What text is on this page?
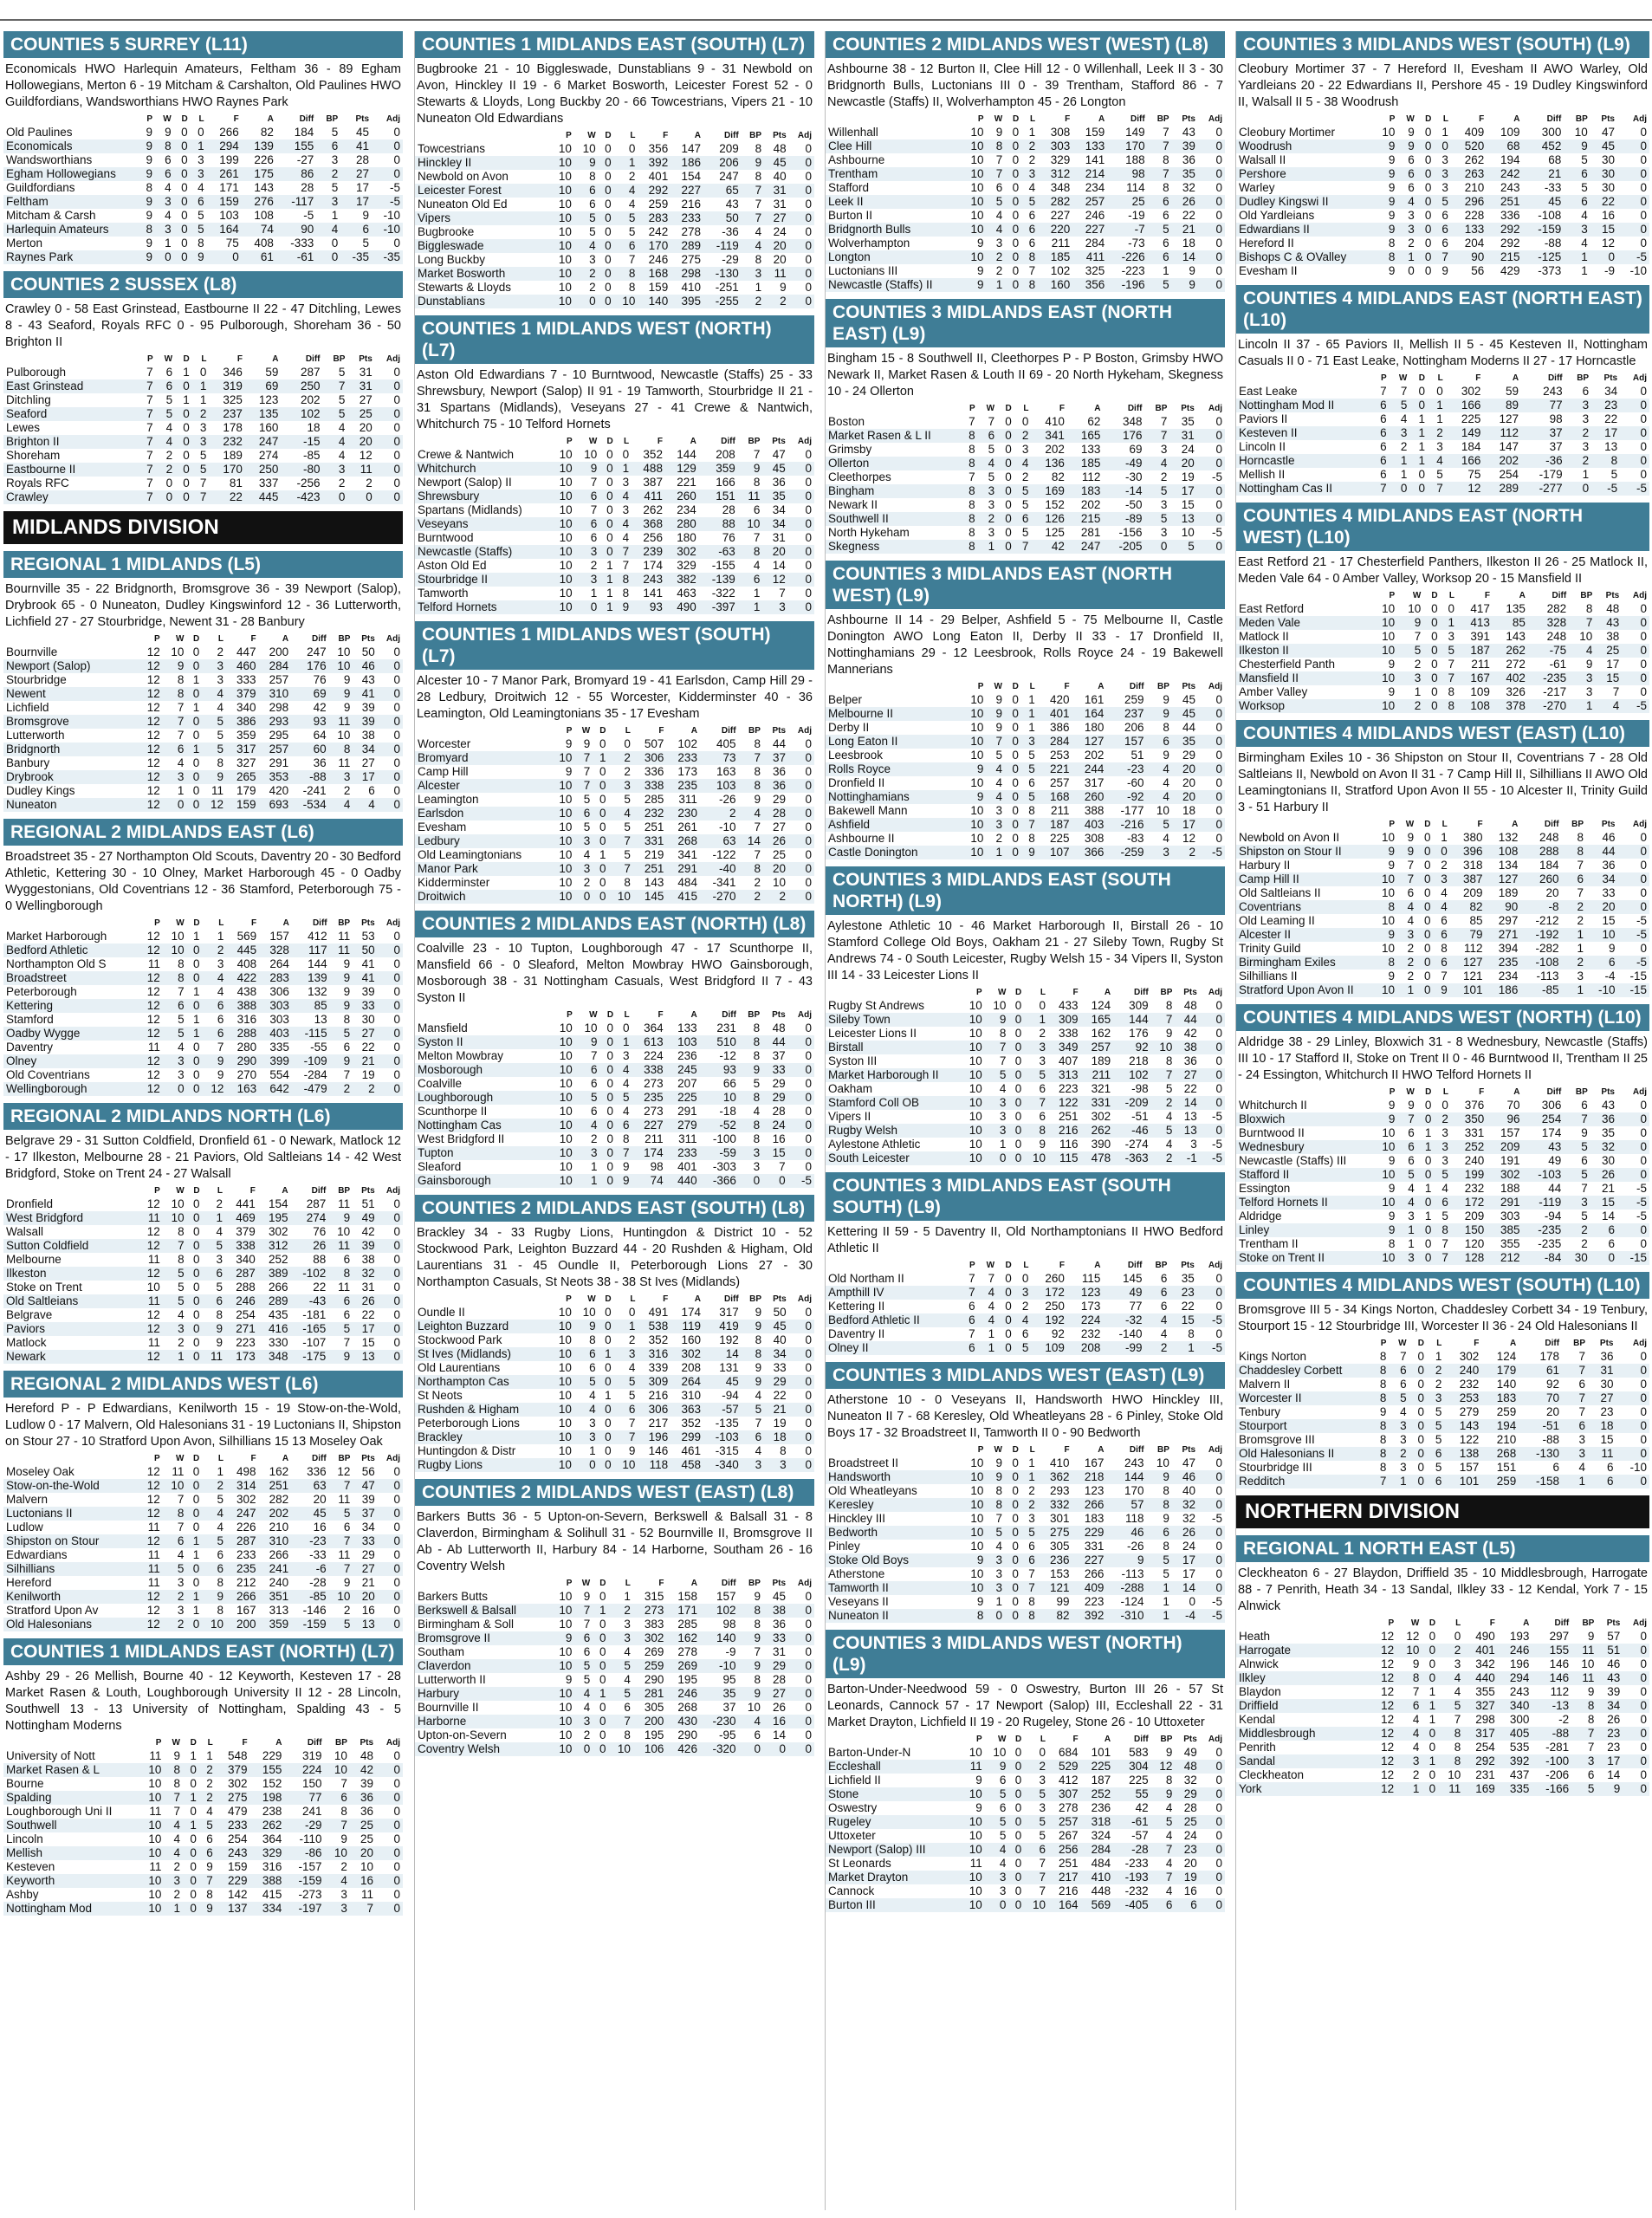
COUNTIES 5 SURREY (L11)
Economicals HWO Harlequin Amateurs, Feltham 36 - 89 Egham Hollowegians, Merton 6 - 19 Mitcham & Carshalton, Old Paulines HWO Guildfordians, Wandsworthians HWO Raynes Park
	P	W	D	L	F	A	Diff	BP	Pts	Adj
Old Paulines	9	9	0	0	266	82	184	5	45	0
Economicals	9	8	0	1	294	139	155	6	41	0
Wandsworthians	9	6	0	3	199	226	-27	3	28	0
Egham Hollowegians	9	6	0	3	261	175	86	2	27	0
Guildfordians	8	4	0	4	171	143	28	5	17	-5
Feltham	9	3	0	6	159	276	-117	3	17	-5
Mitcham & Carsh	9	4	0	5	103	108	-5	1	9	-10
Harlequin Amateurs	8	3	0	5	164	74	90	4	6	-10
Merton	9	1	0	8	75	408	-333	0	5	0
Raynes Park	9	0	0	9	0	61	-61	0	-35	-35
COUNTIES 2 SUSSEX (L8)
Crawley 0 - 58 East Grinstead, Eastbourne II 22 - 47 Ditchling, Lewes 8 - 43 Seaford, Royals RFC 0 - 95 Pulborough, Shoreham 36 - 50 Brighton II
	P	W	D	L	F	A	Diff	BP	Pts	Adj
Pulborough	7	6	1	0	346	59	287	5	31	0
East Grinstead	7	6	0	1	319	69	250	7	31	0
Ditchling	7	5	1	1	325	123	202	5	27	0
Seaford	7	5	0	2	237	135	102	5	25	0
Lewes	7	4	0	3	178	160	18	4	20	0
Brighton II	7	4	0	3	232	247	-15	4	20	0
Shoreham	7	2	0	5	189	274	-85	4	12	0
Eastbourne II	7	2	0	5	170	250	-80	3	11	0
Royals RFC	7	0	0	7	81	337	-256	2	2	0
Crawley	7	0	0	7	22	445	-423	0	0	0
MIDLANDS DIVISION
REGIONAL 1 MIDLANDS (L5)
Bournville 35 - 22 Bridgnorth, Bromsgrove 36 - 39 Newport (Salop), Drybrook 65 - 0 Nuneaton, Dudley Kingswinford 12 - 36 Lutterworth, Lichfield 27 - 27 Stourbridge, Newent 31 - 28 Banbury
	P	W	D	L	F	A	Diff	BP	Pts	Adj
Bournville	12	10	0	2	447	200	247	10	50	0
Newport (Salop)	12	9	0	3	460	284	176	10	46	0
Stourbridge	12	8	1	3	333	257	76	9	43	0
Newent	12	8	0	4	379	310	69	9	41	0
Lichfield	12	7	1	4	340	298	42	9	39	0
Bromsgrove	12	7	0	5	386	293	93	11	39	0
Lutterworth	12	7	0	5	359	295	64	10	38	0
Bridgnorth	12	6	1	5	317	257	60	8	34	0
Banbury	12	4	0	8	327	291	36	11	27	0
Drybrook	12	3	0	9	265	353	-88	3	17	0
Dudley Kings	12	1	0	11	179	420	-241	2	6	0
Nuneaton	12	0	0	12	159	693	-534	4	4	0
REGIONAL 2 MIDLANDS EAST (L6)
Broadstreet 35 - 27 Northampton Old Scouts, Daventry 20 - 30 Bedford Athletic, Kettering 30 - 10 Olney, Market Harborough 45 - 0 Oadby Wyggestonians, Old Coventrians 12 - 36 Stamford, Peterborough 75 - 0 Wellingborough
	P	W	D	L	F	A	Diff	BP	Pts	Adj
Market Harborough	12	10	1	1	569	157	412	11	53	0
Bedford Athletic	12	10	0	2	445	328	117	11	50	0
Northampton Old S	11	8	0	3	408	264	144	9	41	0
Broadstreet	12	8	0	4	422	283	139	9	41	0
Peterborough	12	7	1	4	438	306	132	9	39	0
Kettering	12	6	0	6	388	303	85	9	33	0
Stamford	12	5	1	6	316	303	13	8	30	0
Oadby Wygge	12	5	1	6	288	403	-115	5	27	0
Daventry	11	4	0	7	280	335	-55	6	22	0
Olney	12	3	0	9	290	399	-109	9	21	0
Old Coventrians	12	3	0	9	270	554	-284	7	19	0
Wellingborough	12	0	0	12	163	642	-479	2	2	0
REGIONAL 2 MIDLANDS NORTH (L6)
Belgrave 29 - 31 Sutton Coldfield, Dronfield 61 - 0 Newark, Matlock 12 - 17 Ilkeston, Melbourne 28 - 21 Paviors, Old Saltleians 14 - 42 West Bridgford, Stoke on Trent 24 - 27 Walsall
	P	W	D	L	F	A	Diff	BP	Pts	Adj
Dronfield	12	10	0	2	441	154	287	11	51	0
West Bridgford	11	10	0	1	469	195	274	9	49	0
Walsall	12	8	0	4	379	302	76	10	42	0
Sutton Coldfield	12	7	0	5	338	312	26	11	39	0
Melbourne	11	8	0	3	340	252	88	6	38	0
Ilkeston	12	5	0	6	287	389	-102	8	32	0
Stoke on Trent	10	5	0	5	288	266	22	11	31	0
Old Saltleians	11	5	0	6	246	289	-43	6	26	0
Belgrave	12	4	0	8	254	435	-181	6	22	0
Paviors	12	3	0	9	271	416	-165	5	17	0
Matlock	11	2	0	9	223	330	-107	7	15	0
Newark	12	1	0	11	173	348	-175	9	13	0
REGIONAL 2 MIDLANDS WEST (L6)
Hereford P - P Edwardians, Kenilworth 15 - 19 Stow-on-the-Wold, Ludlow 0 - 17 Malvern, Old Halesonians 31 - 19 Luctonians II, Shipston on Stour 27 - 10 Stratford Upon Avon, Silhillians 15 13 Moseley Oak
	P	W	D	L	F	A	Diff	BP	Pts	Adj
Moseley Oak	12	11	0	1	498	162	336	12	56	0
Stow-on-the-Wold	12	10	0	2	314	251	63	7	47	0
Malvern	12	7	0	5	302	282	20	11	39	0
Luctonians II	12	8	0	4	247	202	45	5	37	0
Ludlow	11	7	0	4	226	210	16	6	34	0
Shipston on Stour	12	6	1	5	287	310	-23	7	33	0
Edwardians	11	4	1	6	233	266	-33	11	29	0
Silhillians	11	5	0	6	235	241	-6	7	27	0
Hereford	11	3	0	8	212	240	-28	9	21	0
Kenilworth	12	2	1	9	266	351	-85	10	20	0
Stratford Upon Av	12	3	1	8	167	313	-146	2	16	0
Old Halesonians	12	2	0	10	200	359	-159	5	13	0
COUNTIES 1 MIDLANDS EAST (NORTH) (L7)
Ashby 29 - 26 Mellish, Bourne 40 - 12 Keyworth, Kesteven 17 - 28 Market Rasen & Louth, Loughborough University II 12 - 28 Lincoln, Southwell 13 - 13 University of Nottingham, Spalding 43 - 5 Nottingham Moderns
	P	W	D	L	F	A	Diff	BP	Pts	Adj
University of Nott	11	9	1	1	548	229	319	10	48	0
Market Rasen & L	10	8	0	2	379	155	224	10	42	0
Bourne	10	8	0	2	302	152	150	7	39	0
Spalding	10	7	1	2	275	198	77	6	36	0
Loughborough Uni II	11	7	0	4	479	238	241	8	36	0
Southwell	10	4	1	5	233	262	-29	7	25	0
Lincoln	10	4	0	6	254	364	-110	9	25	0
Mellish	10	4	0	6	243	329	-86	10	20	0
Kesteven	11	2	0	9	159	316	-157	2	10	0
Keyworth	10	3	0	7	229	388	-159	4	16	0
Ashby	10	2	0	8	142	415	-273	3	11	0
Nottingham Mod	10	1	0	9	137	334	-197	3	7	0
COUNTIES 1 MIDLANDS EAST (SOUTH) (L7)
Bugbrooke 21 - 10 Biggleswade, Dunstablians 9 - 31 Newbold on Avon, Hinckley II 19 - 6 Market Bosworth, Leicester Forest 52 - 0 Stewarts & Lloyds, Long Buckby 20 - 66 Towcestrians, Vipers 21 - 10 Nuneaton Old Edwardians
	P	W	D	L	F	A	Diff	BP	Pts	Adj
Towcestrians	10	10	0	0	356	147	209	8	48	0
Hinckley II	10	9	0	1	392	186	206	9	45	0
Newbold on Avon	10	8	0	2	401	154	247	8	40	0
Leicester Forest	10	6	0	4	292	227	65	7	31	0
Nuneaton Old Ed	10	6	0	4	259	216	43	7	31	0
Vipers	10	5	0	5	283	233	50	7	27	0
Bugbrooke	10	5	0	5	242	278	-36	4	24	0
Biggleswade	10	4	0	6	170	289	-119	4	20	0
Long Buckby	10	3	0	7	246	275	-29	8	20	0
Market Bosworth	10	2	0	8	168	298	-130	3	11	0
Stewarts & Lloyds	10	2	0	8	159	410	-251	1	9	0
Dunstablians	10	0	0	10	140	395	-255	2	2	0
COUNTIES 1 MIDLANDS WEST (NORTH) (L7)
Aston Old Edwardians 7 - 10 Burntwood, Newcastle (Staffs) 25 - 33 Shrewsbury, Newport (Salop) II 91 - 19 Tamworth, Stourbridge II 21 - 31 Spartans (Midlands), Veseyans 27 - 41 Crewe & Nantwich, Whitchurch 75 - 10 Telford Hornets
	P	W	D	L	F	A	Diff	BP	Pts	Adj
Crewe & Nantwich	10	10	0	0	352	144	208	7	47	0
Whitchurch	10	9	0	1	488	129	359	9	45	0
Newport (Salop) II	10	7	0	3	387	221	166	8	36	0
Shrewsbury	10	6	0	4	411	260	151	11	35	0
Spartans (Midlands)	10	7	0	3	262	234	28	6	34	0
Veseyans	10	6	0	4	368	280	88	10	34	0
Burntwood	10	6	0	4	256	180	76	7	31	0
Newcastle (Staffs)	10	3	0	7	239	302	-63	8	20	0
Aston Old Ed	10	2	1	7	174	329	-155	4	14	0
Stourbridge II	10	3	1	8	243	382	-139	6	12	0
Tamworth	10	1	1	8	141	463	-322	1	7	0
Telford Hornets	10	0	1	9	93	490	-397	1	3	0
COUNTIES 1 MIDLANDS WEST (SOUTH) (L7)
Alcester 10 - 7 Manor Park, Bromyard 19 - 41 Earlsdon, Camp Hill 29 - 28 Ledbury, Droitwich 12 - 55 Worcester, Kidderminster 40 - 36 Leamington, Old Leamingtonians 35 - 17 Evesham
	P	W	D	L	F	A	Diff	BP	Pts	Adj
Worcester	9	9	0	0	507	102	405	8	44	0
Bromyard	10	7	1	2	306	233	73	7	37	0
Camp Hill	9	7	0	2	336	173	163	8	36	0
Alcester	10	7	0	3	338	235	103	8	36	0
Leamington	10	5	0	5	285	311	-26	9	29	0
Earlsdon	10	6	0	4	232	230	2	4	28	0
Evesham	10	5	0	5	251	261	-10	7	27	0
Ledbury	10	3	0	7	331	268	63	14	26	0
Old Leamingtonians	10	4	1	5	219	341	-122	7	25	0
Manor Park	10	3	0	7	251	291	-40	8	20	0
Kidderminster	10	2	0	8	143	484	-341	2	10	0
Droitwich	10	0	0	10	145	415	-270	2	2	0
COUNTIES 2 MIDLANDS EAST (NORTH) (L8)
Coalville 23 - 10 Tupton, Loughborough 47 - 17 Scunthorpe II, Mansfield 66 - 0 Sleaford, Melton Mowbray HWO Gainsborough, Mosborough 38 - 31 Nottingham Casuals, West Bridgford II 7 - 43 Syston II
	P	W	D	L	F	A	Diff	BP	Pts	Adj
Mansfield	10	10	0	0	364	133	231	8	48	0
Syston II	10	9	0	1	613	103	510	8	44	0
Melton Mowbray	10	7	0	3	224	236	-12	8	37	0
Mosborough	10	6	0	4	338	245	93	9	33	0
Coalville	10	6	0	4	273	207	66	5	29	0
Loughborough	10	5	0	5	235	225	10	8	29	0
Scunthorpe II	10	6	0	4	273	291	-18	4	28	0
Nottingham Cas	10	4	0	6	227	279	-52	8	24	0
West Bridgford II	10	2	0	8	211	311	-100	8	16	0
Tupton	10	3	0	7	174	233	-59	3	15	0
Sleaford	10	1	0	9	98	401	-303	3	7	0
Gainsborough	10	1	0	9	74	440	-366	0	0	-5
COUNTIES 2 MIDLANDS EAST (SOUTH) (L8)
Brackley 34 - 33 Rugby Lions, Huntingdon & District 10 - 52 Stockwood Park, Leighton Buzzard 44 - 20 Rushden & Higham, Old Laurentians 31 - 45 Oundle II, Peterborough Lions 27 - 30 Northampton Casuals, St Neots 38 - 38 St Ives (Midlands)
	P	W	D	L	F	A	Diff	BP	Pts	Adj
Oundle II	10	10	0	0	491	174	317	9	50	0
Leighton Buzzard	10	9	0	1	538	119	419	9	45	0
Stockwood Park	10	8	0	2	352	160	192	8	40	0
St Ives (Midlands)	10	6	1	3	316	302	14	8	34	0
Old Laurentians	10	6	0	4	339	208	131	9	33	0
Northampton Cas	10	5	0	5	309	264	45	9	29	0
St Neots	10	4	1	5	216	310	-94	4	22	0
Rushden & Higham	10	4	0	6	306	363	-57	5	21	0
Peterborough Lions	10	3	0	7	217	352	-135	7	19	0
Brackley	10	3	0	7	196	299	-103	6	18	0
Huntingdon & Distr	10	1	0	9	146	461	-315	4	8	0
Rugby Lions	10	0	0	10	118	458	-340	3	3	0
COUNTIES 2 MIDLANDS WEST (EAST) (L8)
Barkers Butts 36 - 5 Upton-on-Severn, Berkswell & Balsall 31 - 8 Claverdon, Birmingham & Solihull 31 - 52 Bournville II, Bromsgrove II Ab - Ab Lutterworth II, Harbury 84 - 14 Harborne, Southam 26 - 16 Coventry Welsh
	P	W	D	L	F	A	Diff	BP	Pts	Adj
Barkers Butts	10	9	0	1	315	158	157	9	45	0
Berkswell & Balsall	10	7	1	2	273	171	102	8	38	0
Birmingham & Soll	10	7	0	3	383	285	98	8	36	0
Bromsgrove II	9	6	0	3	302	162	140	9	33	0
Southam	10	6	0	4	269	278	-9	7	31	0
Claverdon	10	5	0	5	259	269	-10	9	29	0
Lutterworth II	9	5	0	4	290	195	95	8	28	0
Harbury	10	4	1	5	281	246	35	9	27	0
Bournville II	10	4	0	6	305	268	37	10	26	0
Harborne	10	3	0	7	200	430	-230	4	16	0
Upton-on-Severn	10	2	0	8	195	290	-95	6	14	0
Coventry Welsh	10	0	0	10	106	426	-320	0	0	0
COUNTIES 2 MIDLANDS WEST (WEST) (L8)
Ashbourne 38 - 12 Burton II, Clee Hill 12 - 0 Willenhall, Leek II 3 - 30 Bridgnorth Bulls, Luctonians III 0 - 39 Trentham, Stafford 86 - 7 Newcastle (Staffs) II, Wolverhampton 45 - 26 Longton
	P	W	D	L	F	A	Diff	BP	Pts	Adj
Willenhall	10	9	0	1	308	159	149	7	43	0
Clee Hill	10	8	0	2	303	133	170	7	39	0
Ashbourne	10	7	0	2	329	141	188	8	36	0
Trentham	10	7	0	3	312	214	98	7	35	0
Stafford	10	6	0	4	348	234	114	8	32	0
Leek II	10	5	0	5	282	257	25	6	26	0
Burton II	10	4	0	6	227	246	-19	6	22	0
Bridgnorth Bulls	10	4	0	6	220	227	-7	5	21	0
Wolverhampton	9	3	0	6	211	284	-73	6	18	0
Longton	10	2	0	8	185	411	-226	6	14	0
Luctonians III	9	2	0	7	102	325	-223	1	9	0
Newcastle (Staffs) II	9	1	0	8	160	356	-196	5	9	0
COUNTIES 3 MIDLANDS EAST (NORTH EAST) (L9)
Bingham 15 - 8 Southwell II, Cleethorpes P - P Boston, Grimsby HWO Newark II, Market Rasen & Louth II 69 - 20 North Hykeham, Skegness 10 - 24 Ollerton
	P	W	D	L	F	A	Diff	BP	Pts	Adj
Boston	7	7	0	0	410	62	348	7	35	0
Market Rasen & L II	8	6	0	2	341	165	176	7	31	0
Grimsby	8	5	0	3	202	133	69	3	24	0
Ollerton	8	4	0	4	136	185	-49	4	20	0
Cleethorpes	7	5	0	2	82	112	-30	2	19	-5
Bingham	8	3	0	5	169	183	-14	5	17	0
Newark II	8	3	0	5	152	202	-50	3	15	0
Southwell II	8	2	0	6	126	215	-89	5	13	0
North Hykeham	8	3	0	5	125	281	-156	3	10	-5
Skegness	8	1	0	7	42	247	-205	0	5	0
COUNTIES 3 MIDLANDS EAST (NORTH WEST) (L9)
Ashbourne II 14 - 29 Belper, Ashfield 5 - 75 Melbourne II, Castle Donington AWO Long Eaton II, Derby II 33 - 17 Dronfield II, Nottinghamians 29 - 12 Leesbrook, Rolls Royce 24 - 19 Bakewell Mannerians
	P	W	D	L	F	A	Diff	BP	Pts	Adj
Belper	10	9	0	1	420	161	259	9	45	0
Melbourne II	10	9	0	1	401	164	237	9	45	0
Derby II	10	9	0	1	386	180	206	8	44	0
Long Eaton II	10	7	0	3	284	127	157	6	35	0
Leesbrook	10	5	0	5	253	202	51	9	29	0
Rolls Royce	9	4	0	5	221	244	-23	4	20	0
Dronfield II	10	4	0	6	257	317	-60	4	20	0
Nottinghamians	9	4	0	5	168	260	-92	4	20	0
Bakewell Mann	10	3	0	8	211	388	-177	10	18	0
Ashfield	10	3	0	7	187	403	-216	5	17	0
Ashbourne II	10	2	0	8	225	308	-83	4	12	0
Castle Donington	10	1	0	9	107	366	-259	3	2	-5
COUNTIES 3 MIDLANDS EAST (SOUTH NORTH) (L9)
Aylestone Athletic 10 - 46 Market Harborough II, Birstall 26 - 10 Stamford College Old Boys, Oakham 21 - 27 Sileby Town, Rugby St Andrews 74 - 0 South Leicester, Rugby Welsh 15 - 34 Vipers II, Syston III 14 - 33 Leicester Lions II
	P	W	D	L	F	A	Diff	BP	Pts	Adj
Rugby St Andrews	10	10	0	0	433	124	309	8	48	0
Sileby Town	10	9	0	1	309	165	144	7	44	0
Leicester Lions II	10	8	0	2	338	162	176	9	42	0
Birstall	10	7	0	3	349	257	92	10	38	0
Syston III	10	7	0	3	407	189	218	8	36	0
Market Harborough II	10	5	0	5	313	211	102	7	27	0
Oakham	10	4	0	6	223	321	-98	5	22	0
Stamford Coll OB	10	3	0	7	122	331	-209	2	14	0
Vipers II	10	3	0	6	251	302	-51	4	13	-5
Rugby Welsh	10	3	0	8	216	262	-46	5	13	0
Aylestone Athletic	10	1	0	9	116	390	-274	4	3	-5
South Leicester	10	0	0	10	115	478	-363	2	-1	-5
COUNTIES 3 MIDLANDS EAST (SOUTH SOUTH) (L9)
Kettering II 59 - 5 Daventry II, Old Northamptonians II HWO Bedford Athletic II
	P	W	D	L	F	A	Diff	BP	Pts	Adj
Old Northam II	7	7	0	0	260	115	145	6	35	0
Ampthill IV	7	4	0	3	172	123	49	6	23	0
Kettering II	6	4	0	2	250	173	77	6	22	0
Bedford Athletic II	6	4	0	4	192	224	-32	4	15	-5
Daventry II	7	1	0	6	92	232	-140	4	8	0
Olney II	6	1	0	5	109	208	-99	2	1	-5
COUNTIES 3 MIDLANDS WEST (EAST) (L9)
Atherstone 10 - 0 Veseyans II, Handsworth HWO Hinckley III, Nuneaton II 7 - 68 Keresley, Old Wheatleyans 28 - 6 Pinley, Stoke Old Boys 17 - 32 Broadstreet II, Tamworth II 0 - 90 Bedworth
	P	W	D	L	F	A	Diff	BP	Pts	Adj
Broadstreet II	10	9	0	1	410	167	243	10	47	0
Handsworth	10	9	0	1	362	218	144	9	46	0
Old Wheatleyans	10	8	0	2	293	123	170	8	40	0
Keresley	10	8	0	2	332	266	57	8	32	0
Hinckley III	10	7	0	3	301	183	118	9	32	-5
Bedworth	10	5	0	5	275	229	46	6	26	0
Pinley	10	4	0	6	305	331	-26	8	24	0
Stoke Old Boys	9	3	0	6	236	227	9	5	17	0
Atherstone	10	3	0	7	153	266	-113	5	17	0
Tamworth II	10	3	0	7	121	409	-288	1	14	0
Veseyans II	9	1	0	8	99	223	-124	1	0	-5
Nuneaton II	8	0	0	8	82	392	-310	1	-4	-5
COUNTIES 3 MIDLANDS WEST (NORTH) (L9)
Barton-Under-Needwood 59 - 0 Oswestry, Burton III 26 - 57 St Leonards, Cannock 57 - 17 Newport (Salop) III, Eccleshall 22 - 31 Market Drayton, Lichfield II 19 - 20 Rugeley, Stone 26 - 10 Uttoxeter
	P	W	D	L	F	A	Diff	BP	Pts	Adj
Barton-Under-N	10	10	0	0	684	101	583	9	49	0
Eccleshall	11	9	0	2	529	225	304	12	48	0
Lichfield II	9	6	0	3	412	187	225	8	32	0
Stone	10	5	0	5	307	252	55	9	29	0
Oswestry	9	6	0	3	278	236	42	4	28	0
Rugeley	10	5	0	5	257	318	-61	5	25	0
Uttoxeter	10	5	0	5	267	324	-57	4	24	0
Newport (Salop) III	10	4	0	6	256	284	-28	7	23	0
St Leonards	11	4	0	7	251	484	-233	4	20	0
Market Drayton	10	3	0	7	217	410	-193	7	19	0
Cannock	10	3	0	7	216	448	-232	4	16	0
Burton III	10	0	0	10	164	569	-405	6	6	0
COUNTIES 3 MIDLANDS WEST (SOUTH) (L9)
Cleobury Mortimer 37 - 7 Hereford II, Evesham II AWO Warley, Old Yardleians 20 - 22 Edwardians II, Pershore 45 - 19 Dudley Kingswinford II, Walsall II 5 - 38 Woodrush
	P	W	D	L	F	A	Diff	BP	Pts	Adj
Cleobury Mortimer	10	9	0	1	409	109	300	10	47	0
Woodrush	9	9	0	0	520	68	452	9	45	0
Walsall II	9	6	0	3	262	194	68	5	30	0
Pershore	9	6	0	3	263	242	21	6	30	0
Warley	9	6	0	3	210	243	-33	5	30	0
Dudley Kingswi II	9	4	0	5	296	251	45	6	22	0
Old Yardleians	9	3	0	6	228	336	-108	4	16	0
Edwardians II	9	3	0	6	133	292	-159	3	15	0
Hereford II	8	2	0	6	204	292	-88	4	12	0
Bishops C & OValley	8	1	0	7	90	215	-125	1	0	-5
Evesham II	9	0	0	9	56	429	-373	1	-9	-10
COUNTIES 4 MIDLANDS EAST (NORTH EAST) (L10)
Lincoln II 37 - 65 Paviors II, Mellish II 5 - 45 Kesteven II, Nottingham Casuals II 0 - 71 East Leake, Nottingham Moderns II 27 - 17 Horncastle
	P	W	D	L	F	A	Diff	BP	Pts	Adj
East Leake	7	7	0	0	302	59	243	6	34	0
Nottingham Mod II	6	5	0	1	166	89	77	3	23	0
Paviors II	6	4	1	1	225	127	98	3	22	0
Kesteven II	6	3	1	2	149	112	37	2	17	0
Lincoln II	6	2	1	3	184	147	37	3	13	0
Horncastle	6	1	1	4	166	202	-36	2	8	0
Mellish II	6	1	0	5	75	254	-179	1	5	0
Nottingham Cas II	7	0	0	7	12	289	-277	0	-5	-5
COUNTIES 4 MIDLANDS EAST (NORTH WEST) (L10)
East Retford 21 - 17 Chesterfield Panthers, Ilkeston II 26 - 25 Matlock II, Meden Vale 64 - 0 Amber Valley, Worksop 20 - 15 Mansfield II
	P	W	D	L	F	A	Diff	BP	Pts	Adj
East Retford	10	10	0	0	417	135	282	8	48	0
Meden Vale	10	9	0	1	413	85	328	7	43	0
Matlock II	10	7	0	3	391	143	248	10	38	0
Ilkeston II	10	5	0	5	187	262	-75	4	25	0
Chesterfield Panth	9	2	0	7	211	272	-61	9	17	0
Mansfield II	10	3	0	7	167	402	-235	3	15	0
Amber Valley	9	1	0	8	109	326	-217	3	7	0
Worksop	10	2	0	8	108	378	-270	1	4	-5
COUNTIES 4 MIDLANDS WEST (EAST) (L10)
Birmingham Exiles 10 - 36 Shipston on Stour II, Coventrians 7 - 28 Old Saltleians II, Newbold on Avon II 31 - 7 Camp Hill II, Silhillians II AWO Old Leamingtonians II, Stratford Upon Avon II 55 - 10 Alcester II, Trinity Guild 3 - 51 Harbury II
	P	W	D	L	F	A	Diff	BP	Pts	Adj
Newbold on Avon II	10	9	0	1	380	132	248	8	46	0
Shipston on Stour II	9	9	0	0	396	108	288	8	44	0
Harbury II	9	7	0	2	318	134	184	7	36	0
Camp Hill II	10	7	0	3	387	127	260	6	34	0
Old Saltleians II	10	6	0	4	209	189	20	7	33	0
Coventrians	8	4	0	4	82	90	-8	2	20	0
Old Leaming II	10	4	0	6	85	297	-212	2	15	-5
Alcester II	9	3	0	6	79	271	-192	1	10	-5
Trinity Guild	10	2	0	8	112	394	-282	1	9	0
Birmingham Exiles	8	2	0	6	127	235	-108	2	6	-5
Silhillians II	9	2	0	7	121	234	-113	3	-4	-15
Stratford Upon Avon II	10	1	0	9	101	186	-85	1	-10	-15
COUNTIES 4 MIDLANDS WEST (NORTH) (L10)
Aldridge 38 - 29 Linley, Bloxwich 31 - 8 Wednesbury, Newcastle (Staffs) III 10 - 17 Stafford II, Stoke on Trent II 0 - 46 Burntwood II, Trentham II 25 - 24 Essington, Whitchurch II HWO Telford Hornets II
	P	W	D	L	F	A	Diff	BP	Pts	Adj
Whitchurch II	9	9	0	0	376	70	306	6	43	0
Bloxwich	9	7	0	2	350	96	254	7	36	0
Burntwood II	10	6	1	3	331	157	174	9	35	0
Wednesbury	10	6	1	3	252	209	43	5	32	0
Newcastle (Staffs) III	9	6	0	3	240	191	49	6	30	0
Stafford II	10	5	0	5	199	302	-103	5	26	0
Essington	9	4	1	4	232	188	44	7	21	-5
Telford Hornets II	10	4	0	6	172	291	-119	3	15	-5
Aldridge	9	3	1	5	209	303	-94	5	14	-5
Linley	9	1	0	8	150	385	-235	2	6	0
Trentham II	8	1	0	7	120	355	-235	2	6	0
Stoke on Trent II	10	3	0	7	128	212	-84	30	0	-15
COUNTIES 4 MIDLANDS WEST (SOUTH) (L10)
Bromsgrove III 5 - 34 Kings Norton, Chaddesley Corbett 34 - 19 Tenbury, Stourport 15 - 12 Stourbridge III, Worcester II 36 - 24 Old Halesonians II
	P	W	D	L	F	A	Diff	BP	Pts	Adj
Kings Norton	8	7	0	1	302	124	178	7	36	0
Chaddesley Corbett	8	6	0	2	240	179	61	7	31	0
Malvern II	8	6	0	2	232	140	92	6	30	0
Worcester II	8	5	0	3	253	183	70	7	27	0
Tenbury	9	4	0	5	279	259	20	7	23	0
Stourport	8	3	0	5	143	194	-51	6	18	0
Bromsgrove III	8	3	0	5	122	210	-88	3	15	0
Old Halesonians II	8	2	0	6	138	268	-130	3	11	0
Stourbridge III	8	3	0	5	157	151	6	4	6	-10
Redditch	7	1	0	6	101	259	-158	1	6	0
NORTHERN DIVISION
REGIONAL 1 NORTH EAST (L5)
Cleckheaton 6 - 27 Blaydon, Driffield 35 - 10 Middlesbrough, Harrogate 88 - 7 Penrith, Heath 34 - 13 Sandal, Ilkley 33 - 12 Kendal, York 7 - 15 Alnwick
	P	W	D	L	F	A	Diff	BP	Pts	Adj
Heath	12	12	0	0	490	193	297	9	57	0
Harrogate	12	10	0	2	401	246	155	11	51	0
Alnwick	12	9	0	3	342	196	146	10	46	0
Ilkley	12	8	0	4	440	294	146	11	43	0
Blaydon	12	7	1	4	355	243	112	9	39	0
Driffield	12	6	1	5	327	340	-13	8	34	0
Kendal	12	4	1	7	298	300	-2	8	26	0
Middlesbrough	12	4	0	8	317	405	-88	7	23	0
Penrith	12	4	0	8	254	535	-281	7	23	0
Sandal	12	3	1	8	292	392	-100	3	17	0
Cleckheaton	12	2	0	10	231	437	-206	6	14	0
York	12	1	0	11	169	335	-166	5	9	0
